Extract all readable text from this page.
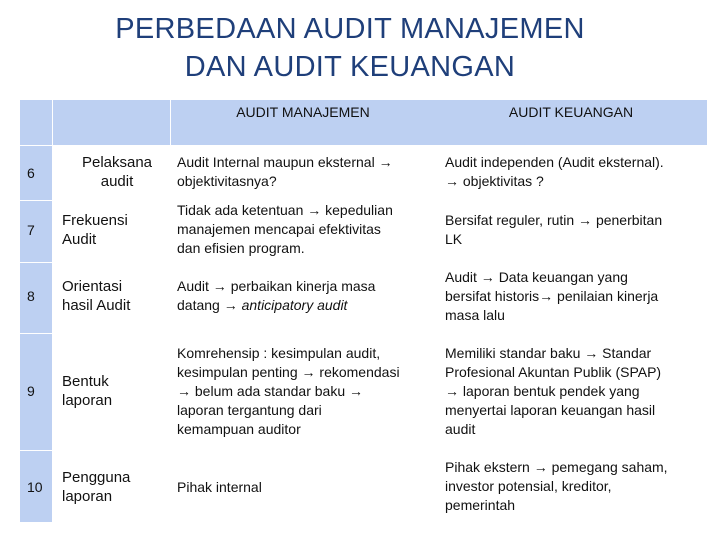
PERBEDAAN AUDIT MANAJEMEN
DAN AUDIT KEUANGAN
AUDIT MANAJEMEN	AUDIT KEUANGAN
6
Pelaksana
audit
Audit Internal maupun eksternal →
objektivitasnya?
Audit independen (Audit eksternal).
→ objektivitas ?
7
Frekuensi
Audit
Tidak ada ketentuan → kepedulian
manajemen mencapai efektivitas
dan efisien program.
Bersifat reguler, rutin → penerbitan
LK
8
Orientasi
hasil Audit
Audit → perbaikan kinerja masa
datang → anticipatory audit
Audit → Data keuangan yang
bersifat historis→ penilaian kinerja
masa lalu
9
Bentuk
laporan
Komrehensip : kesimpulan audit,
kesimpulan penting → rekomendasi
→ belum ada standar baku →
laporan tergantung dari
kemampuan auditor
Memiliki standar baku → Standar
Profesional Akuntan Publik (SPAP)
→ laporan bentuk pendek yang
menyertai laporan keuangan hasil
audit
10
Pengguna
laporan
Pihak internal
Pihak ekstern → pemegang saham,
investor potensial, kreditor,
pemerintah
